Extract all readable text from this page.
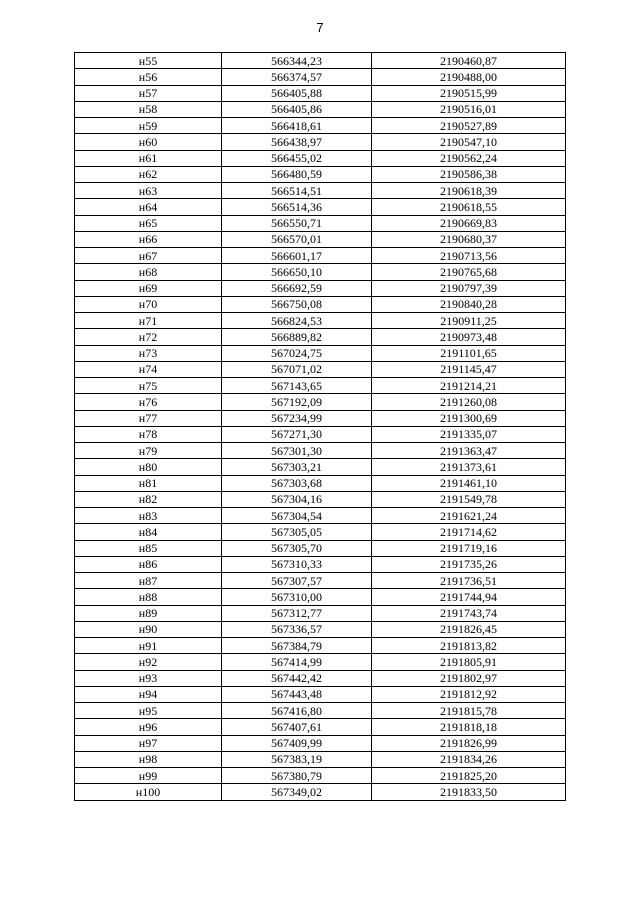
7
н55	566344,23	2190460,87
н56	566374,57	2190488,00
н57	566405,88	2190515,99
н58	566405,86	2190516,01
н59	566418,61	2190527,89
н60	566438,97	2190547,10
н61	566455,02	2190562,24
н62	566480,59	2190586,38
н63	566514,51	2190618,39
н64	566514,36	2190618,55
н65	566550,71	2190669,83
н66	566570,01	2190680,37
н67	566601,17	2190713,56
н68	566650,10	2190765,68
н69	566692,59	2190797,39
н70	566750,08	2190840,28
н71	566824,53	2190911,25
н72	566889,82	2190973,48
н73	567024,75	2191101,65
н74	567071,02	2191145,47
н75	567143,65	2191214,21
н76	567192,09	2191260,08
н77	567234,99	2191300,69
н78	567271,30	2191335,07
н79	567301,30	2191363,47
н80	567303,21	2191373,61
н81	567303,68	2191461,10
н82	567304,16	2191549,78
н83	567304,54	2191621,24
н84	567305,05	2191714,62
н85	567305,70	2191719,16
н86	567310,33	2191735,26
н87	567307,57	2191736,51
н88	567310,00	2191744,94
н89	567312,77	2191743,74
н90	567336,57	2191826,45
н91	567384,79	2191813,82
н92	567414,99	2191805,91
н93	567442,42	2191802,97
н94	567443,48	2191812,92
н95	567416,80	2191815,78
н96	567407,61	2191818,18
н97	567409,99	2191826,99
н98	567383,19	2191834,26
н99	567380,79	2191825,20
н100	567349,02	2191833,50
